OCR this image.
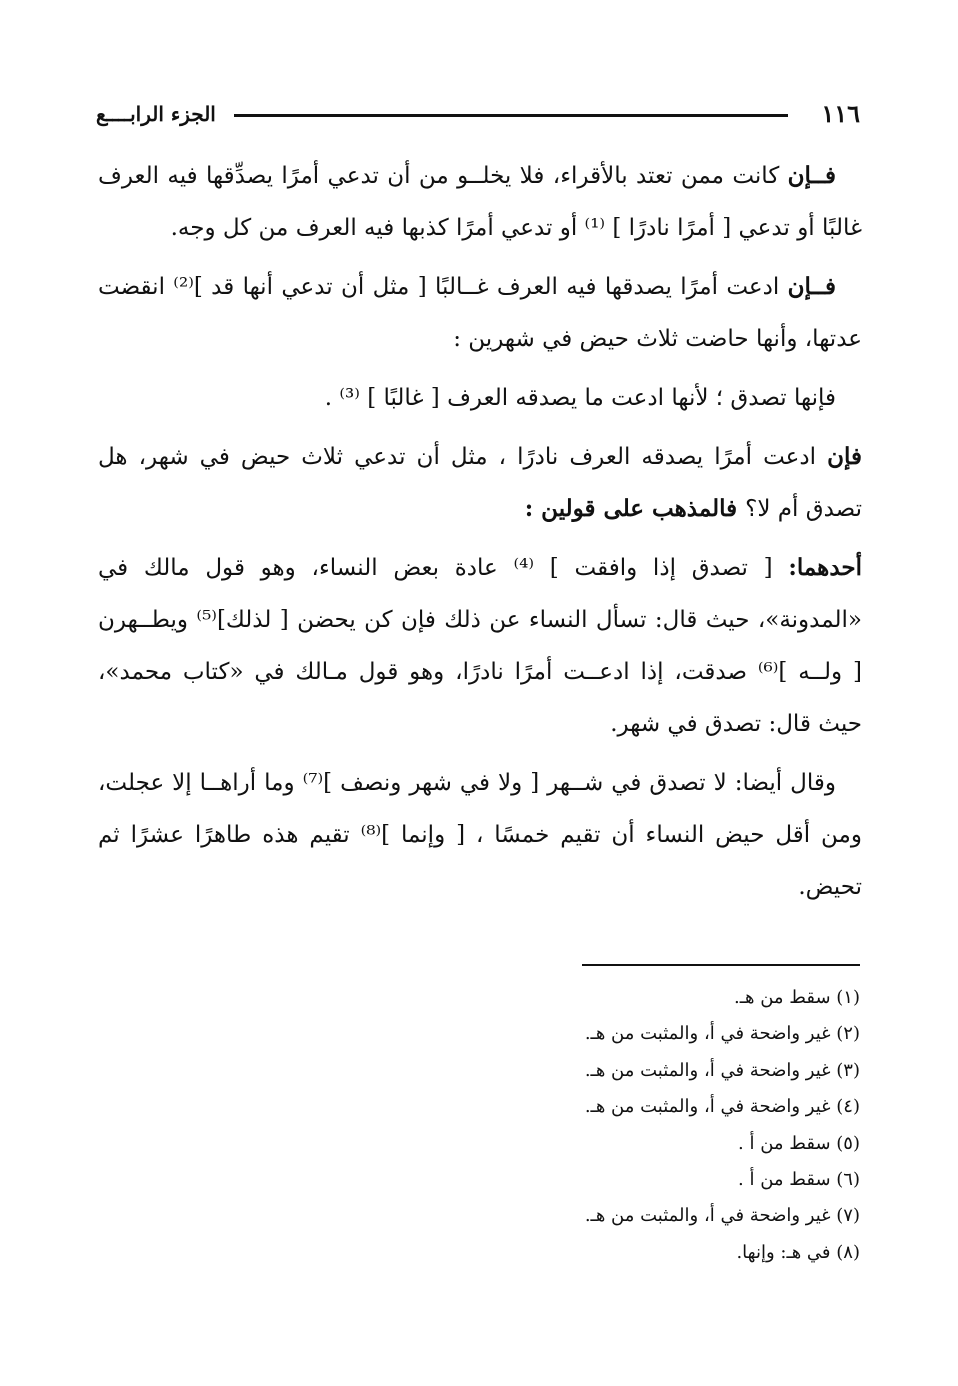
١١٦
الجزء الرابــــع

فــإن كانت ممن تعتد بالأقراء، فلا يخلــو من أن تدعي أمرًا يصدِّقها فيه العرف غالبًا أو تدعي [ أمرًا نادرًا ] ⁽¹⁾ أو تدعي أمرًا كذبها فيه العرف من كل وجه.

فــإن ادعت أمرًا يصدقها فيه العرف غــالبًا [ مثل أن تدعي أنها قد ]⁽²⁾ انقضت عدتها، وأنها حاضت ثلاث حيض في شهرين :

فإنها تصدق ؛ لأنها ادعت ما يصدقه العرف [ غالبًا ] ⁽³⁾ .

فإن ادعت أمرًا يصدقه العرف نادرًا ، مثل أن تدعي ثلاث حيض في شهر، هل تصدق أم لا؟ فالمذهب على قولين :

أحدهما: [ تصدق إذا وافقت ] ⁽⁴⁾ عادة بعض النساء، وهو قول مالك في «المدونة»، حيث قال: تسأل النساء عن ذلك فإن كن يحضن [ لذلك]⁽⁵⁾ ويطــهرن [ ولــه ]⁽⁶⁾ صدقت، إذا ادعــت أمرًا نادرًا، وهو قول مـالك في «كتاب محمد»، حيث قال: تصدق في شهر.

وقال أيضا: لا تصدق في شــهر [ ولا في شهر ونصف ]⁽⁷⁾ وما أراهــا إلا عجلت، ومن أقل حيض النساء أن تقيم خمسًا ، [ وإنما ]⁽⁸⁾ تقيم هذه طاهرًا عشرًا ثم تحيض.

(١) سقط من هـ.
(٢) غير واضحة في أ، والمثبت من هـ.
(٣) غير واضحة في أ، والمثبت من هـ.
(٤) غير واضحة في أ، والمثبت من هـ.
(٥) سقط من أ .
(٦) سقط من أ .
(٧) غير واضحة في أ، والمثبت من هـ.
(٨) في هـ: وإنها.
